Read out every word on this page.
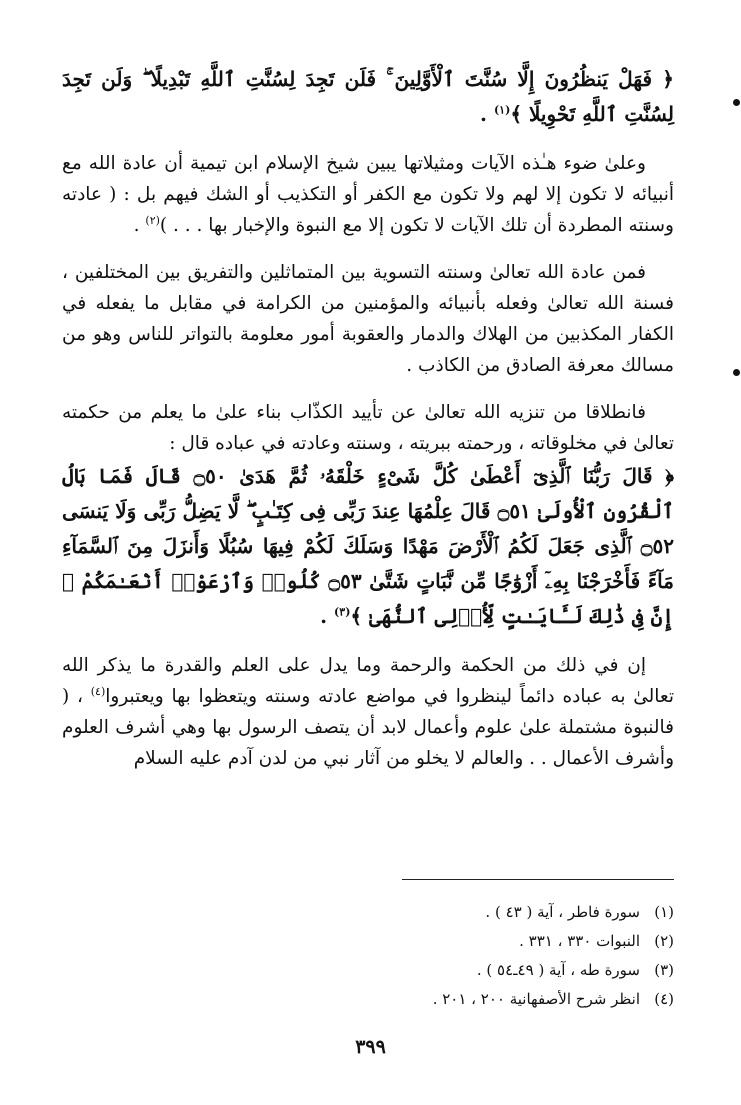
﴿ فَهَلْ يَنظُرُونَ إِلَّا سُنَّتَ ٱلْأَوَّلِينَ ۚ فَلَن تَجِدَ لِسُنَّتِ ٱللَّهِ تَبْدِيلًا ۖ وَلَن تَجِدَ لِسُنَّتِ ٱللَّهِ تَحْوِيلًا ﴾$^{(١)}$ .

وعلىٰ ضوء هـٰذه الآيات ومثيلاتها يبين شيخ الإسلام ابن تيمية أن عادة الله مع أنبيائه لا تكون إلا لهم ولا تكون مع الكفر أو التكذيب أو الشك فيهم بل : ( عادته وسنته المطردة أن تلك الآيات لا تكون إلا مع النبوة والإخبار بها . . . )$^{(٢)}$ .

فمن عادة الله تعالىٰ وسنته التسوية بين المتماثلين والتفريق بين المختلفين ، فسنة الله تعالىٰ وفعله بأنبيائه والمؤمنين من الكرامة في مقابل ما يفعله في الكفار المكذبين من الهلاك والدمار والعقوبة أمور معلومة بالتواتر للناس وهو من مسالك معرفة الصادق من الكاذب .

فانطلاقا من تنزيه الله تعالىٰ عن تأييد الكذّاب بناء علىٰ ما يعلم من حكمته تعالىٰ في مخلوقاته ، ورحمته ببريته ، وسنته وعادته في عباده قال :

﴿ قَالَ رَبُّنَا ٱلَّذِىٓ أَعْطَىٰ كُلَّ شَىْءٍ خَلْقَهُۥ ثُمَّ هَدَىٰ ۝٥٠ قَالَ فَمَا بَالُ ٱلْقُرُونِ ٱلْأُولَىٰ ۝٥١ قَالَ عِلْمُهَا عِندَ رَبِّى فِى كِتَـٰبٍ ۖ لَّا يَضِلُّ رَبِّى وَلَا يَنسَى ۝٥٢ ٱلَّذِى جَعَلَ لَكُمُ ٱلْأَرْضَ مَهْدًا وَسَلَكَ لَكُمْ فِيهَا سُبُلًا وَأَنزَلَ مِنَ ٱلسَّمَآءِ مَآءً فَأَخْرَجْنَا بِهِۦٓ أَزْوَٰجًا مِّن نَّبَاتٍ شَتَّىٰ ۝٥٣ كُلُوا۟ وَٱرْعَوْا۟ أَنْعَـٰمَكُمْ ۗ إِنَّ فِى ذَٰلِكَ لَـَٔايَـٰتٍ لِّأُو۟لِى ٱلنُّهَىٰ ﴾$^{(٣)}$ .

إن في ذلك من الحكمة والرحمة وما يدل على العلم والقدرة ما يذكر الله تعالىٰ به عباده دائماً لينظروا في مواضع عادته وسنته ويتعظوا بها ويعتبروا$^{(٤)}$ ، ( فالنبوة مشتملة علىٰ علوم وأعمال لابد أن يتصف الرسول بها وهي أشرف العلوم وأشرف الأعمال . . والعالم لا يخلو من آثار نبي من لدن آدم عليه السلام

(١)سورة فاطر ، آية ( ٤٣ ) .

(٢)النبوات ٣٣٠ ، ٣٣١ .

(٣)سورة طه ، آية ( ٤٩ـ٥٤ ) .

(٤)انظر شرح الأصفهانية ٢٠٠ ، ٢٠١ .

٣٩٩
